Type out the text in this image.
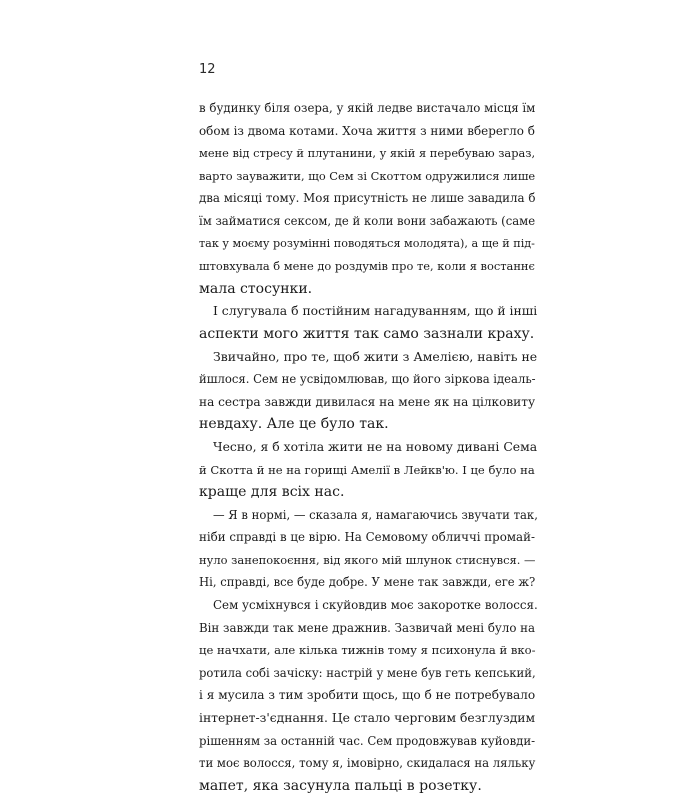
12
в будинку біля озера, у якій ледве вистачало місця їм
обом із двома котами. Хоча життя з ними вберегло б
мене від стресу й плутанини, у якій я перебуваю зараз,
варто зауважити, що Сем зі Скоттом одружилися лише
два місяці тому. Моя присутність не лише завадила б
їм займатися сексом, де й коли вони забажають (саме
так у моєму розумінні поводяться молодята), а ще й під-
штовхувала б мене до роздумів про те, коли я востаннє
мала стосунки.
І слугувала б постійним нагадуванням, що й інші
аспекти мого життя так само зазнали краху.
Звичайно, про те, щоб жити з Амелією, навіть не
йшлося. Сем не усвідомлював, що його зіркова ідеаль-
на сестра завжди дивилася на мене як на цілковиту
невдаху. Але це було так.
Чесно, я б хотіла жити не на новому дивані Сема
й Скотта й не на горищі Амелії в Лейкв'ю. І це було на
краще для всіх нас.
— Я в нормі, — сказала я, намагаючись звучати так,
ніби справді в це вірю. На Семовому обличчі промай-
нуло занепокоєння, від якого мій шлунок стиснувся. —
Ні, справді, все буде добре. У мене так завжди, еге ж?
Сем усміхнувся і скуйовдив моє закоротке волосся.
Він завжди так мене дражнив. Зазвичай мені було на
це начхати, але кілька тижнів тому я психонула й вко-
ротила собі зачіску: настрій у мене був геть кепський,
і я мусила з тим зробити щось, що б не потребувало
інтернет-з'єднання. Це стало черговим безглуздим
рішенням за останній час. Сем продовжував куйовди-
ти моє волосся, тому я, імовірно, скидалася на ляльку
мапет, яка засунула пальці в розетку.
